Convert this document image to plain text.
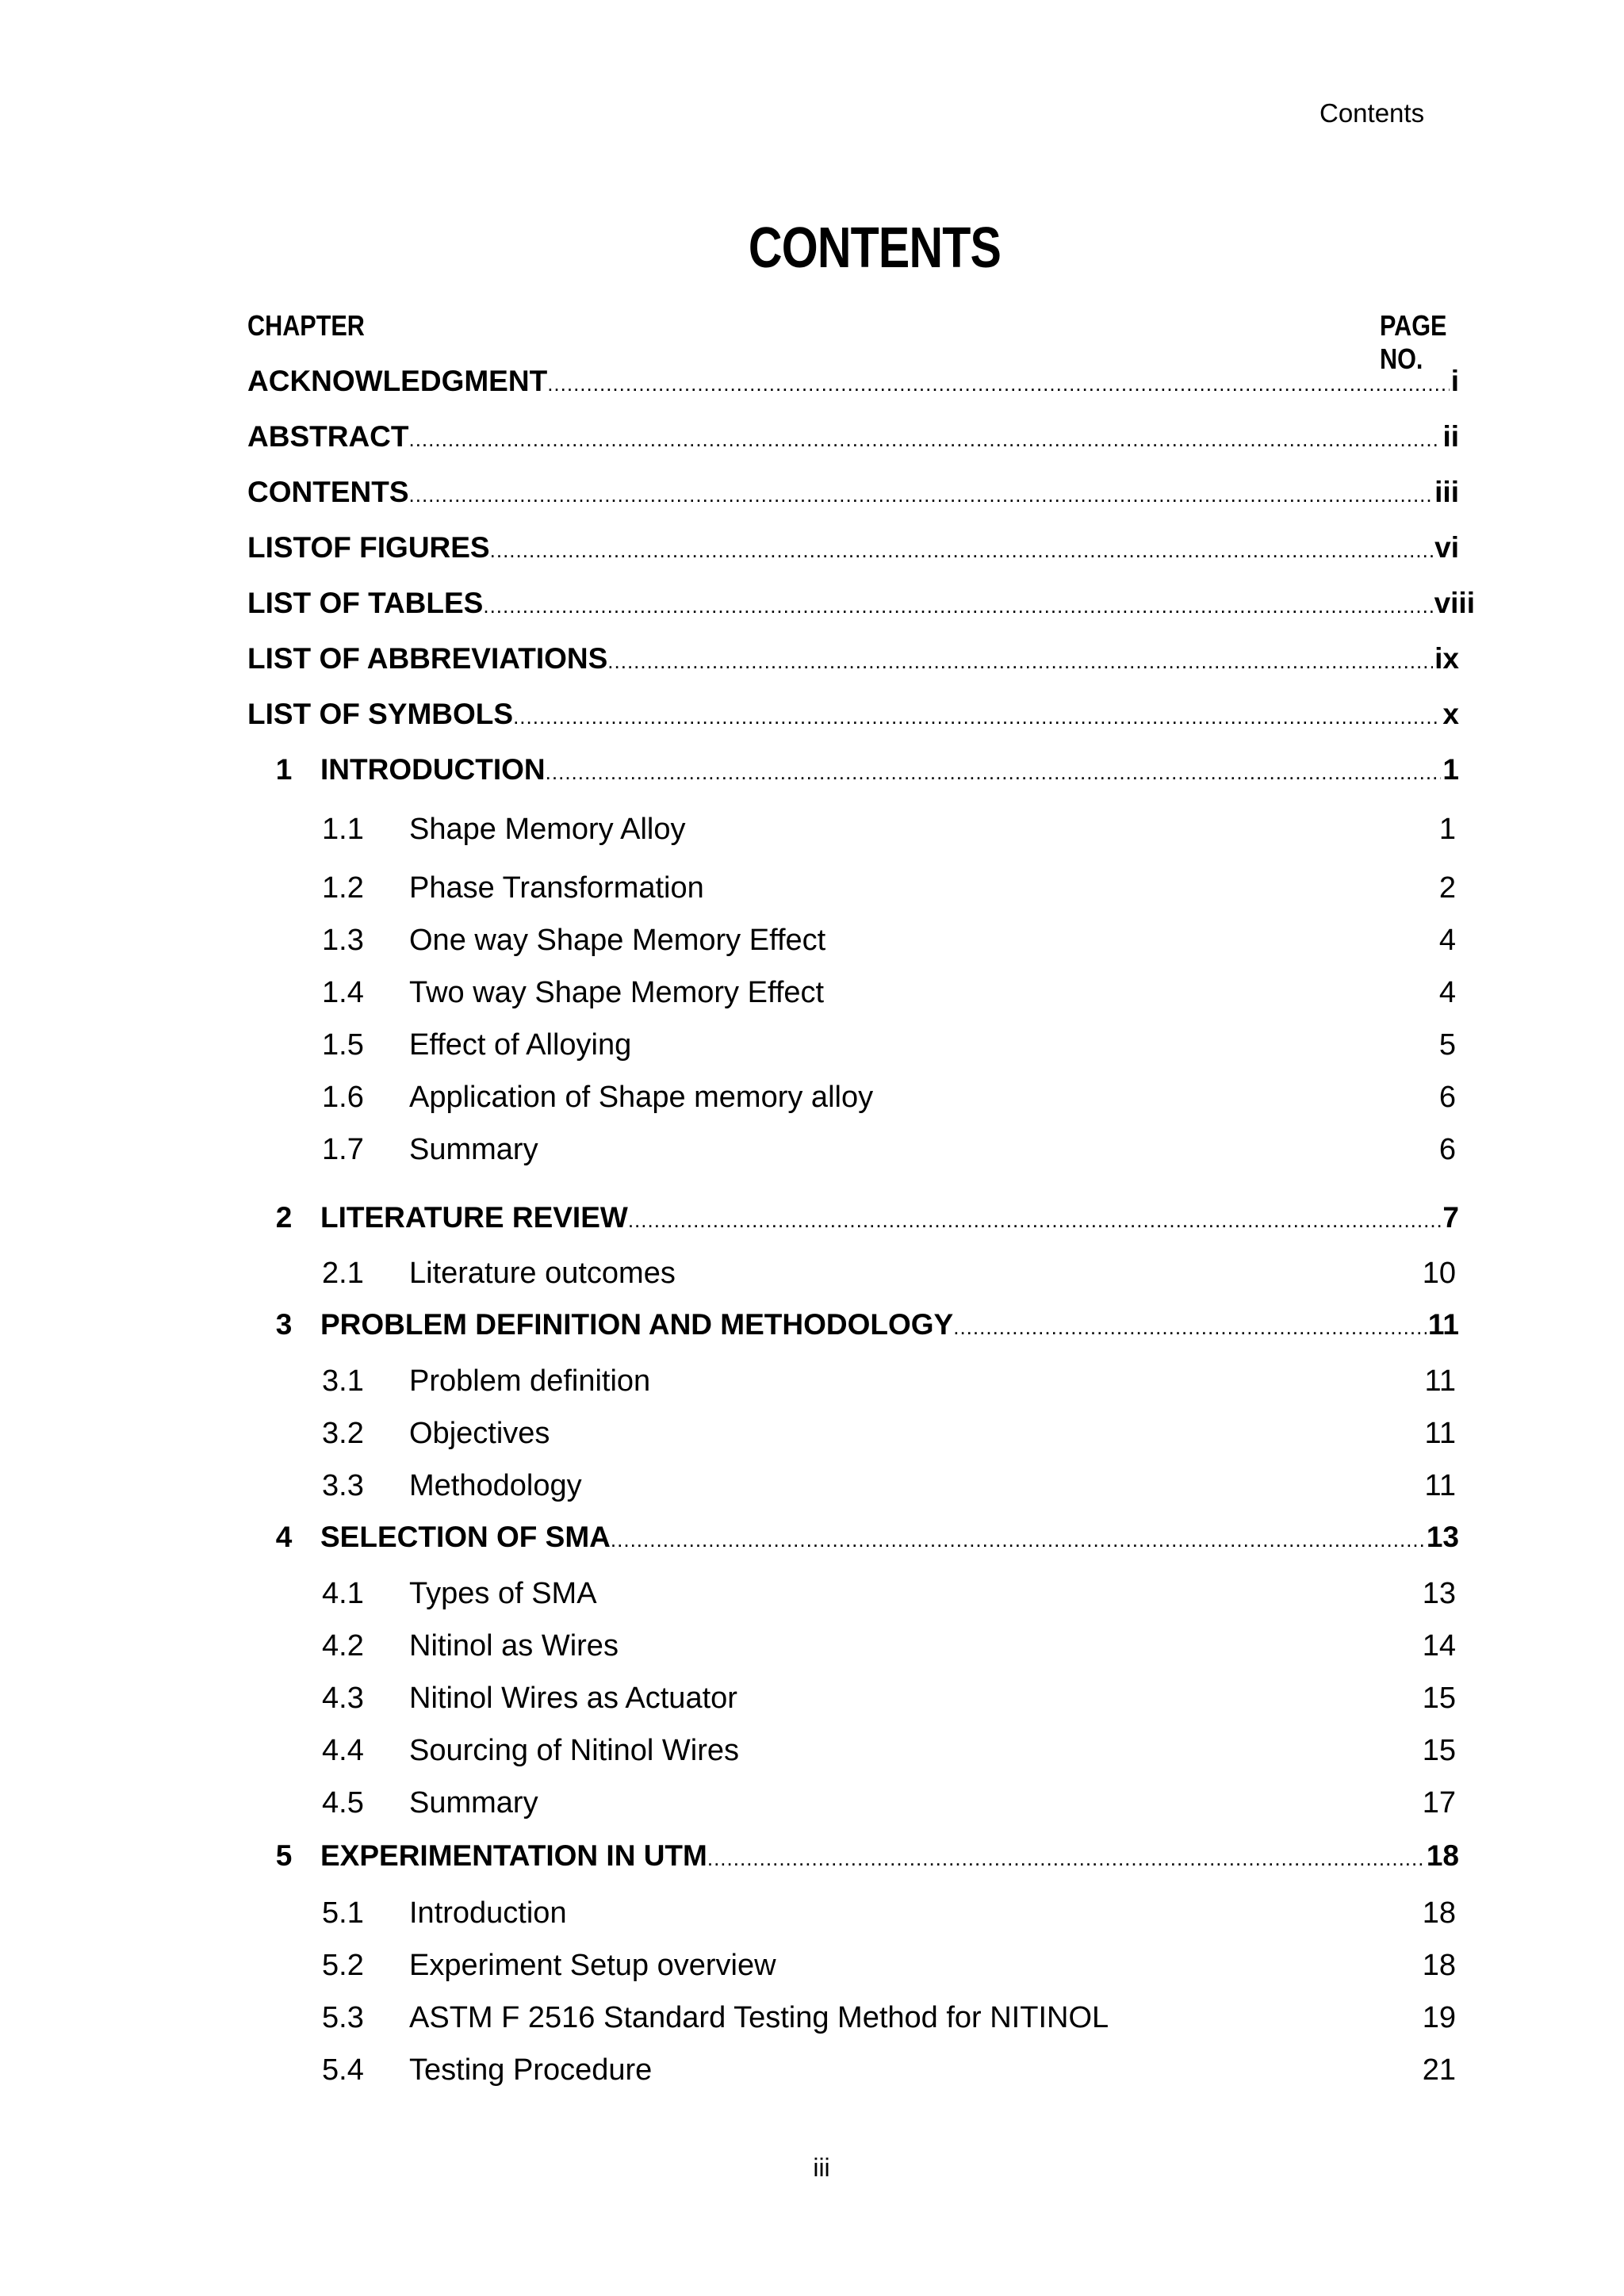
Contents
CONTENTS
CHAPTER	PAGE NO.
ACKNOWLEDGMENT .....	i
ABSTRACT .....	ii
CONTENTS .....	iii
LISTOF FIGURES .....	vi
LIST OF TABLES .....	viii
LIST OF ABBREVIATIONS .....	ix
LIST OF SYMBOLS .....	x
1 INTRODUCTION .....	1
1.1	Shape Memory Alloy	1
1.2	Phase Transformation	2
1.3	One way Shape Memory Effect	4
1.4	Two way Shape Memory Effect	4
1.5	Effect of Alloying	5
1.6	Application of Shape memory alloy	6
1.7	Summary	6
2 LITERATURE REVIEW .....	7
2.1	Literature outcomes	10
3 PROBLEM DEFINITION AND METHODOLOGY .....	11
3.1	Problem definition	11
3.2	Objectives	11
3.3	Methodology	11
4 SELECTION OF SMA .....	13
4.1	Types of SMA	13
4.2	Nitinol as Wires	14
4.3	Nitinol Wires as Actuator	15
4.4	Sourcing of Nitinol Wires	15
4.5	Summary	17
5 EXPERIMENTATION IN UTM .....	18
5.1	Introduction	18
5.2	Experiment Setup overview	18
5.3	ASTM F 2516 Standard Testing Method for NITINOL	19
5.4	Testing Procedure	21
iii
